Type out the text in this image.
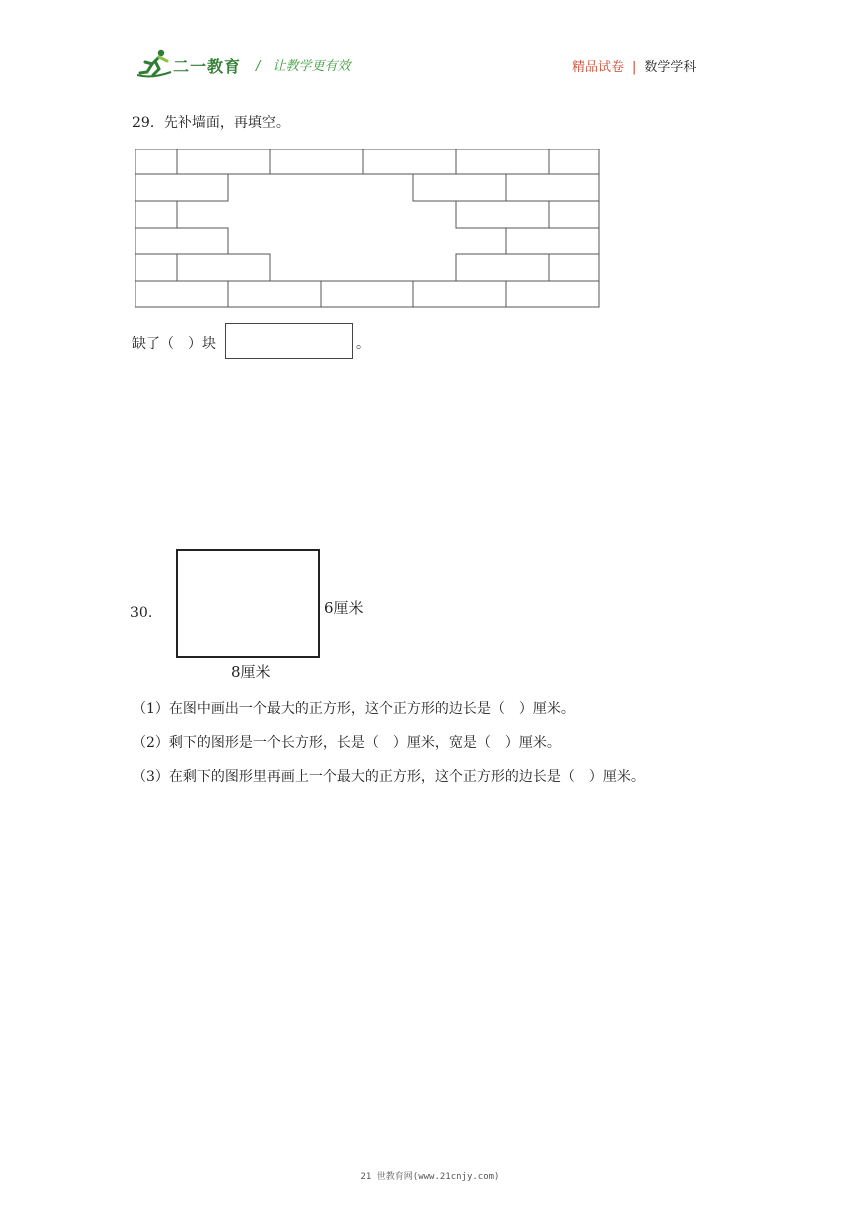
二一教育 / 让教学更有效	精品试卷 | 数学学科
29．先补墙面，再填空。
缺了（　）块	。
30.	6厘米
8厘米
（1）在图中画出一个最大的正方形，这个正方形的边长是（　）厘米。
（2）剩下的图形是一个长方形，长是（　）厘米，宽是（　）厘米。
（3）在剩下的图形里再画上一个最大的正方形，这个正方形的边长是（　）厘米。
21 世教育网(www.21cnjy.com)
